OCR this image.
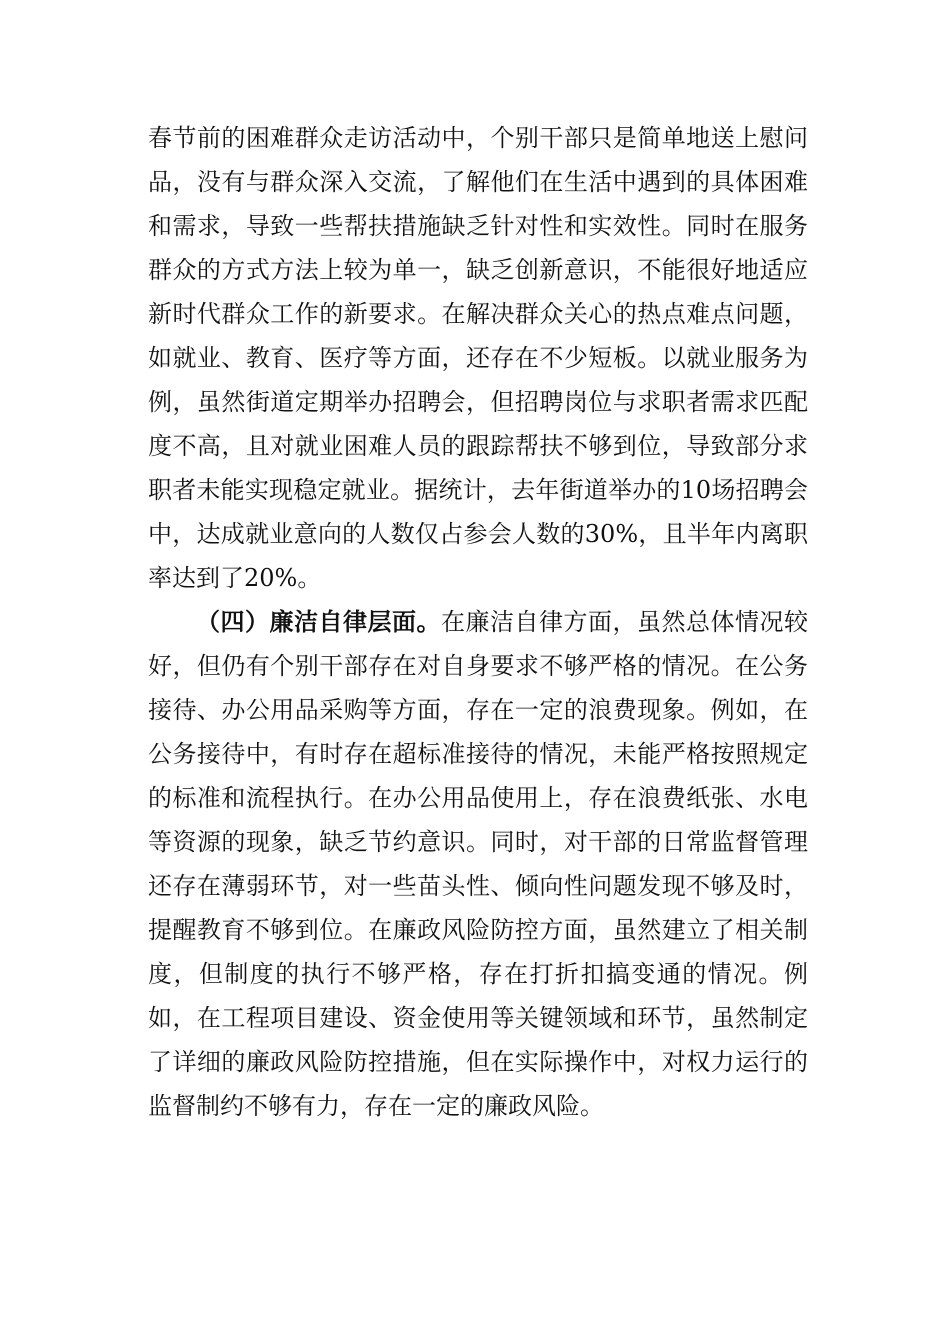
春节前的困难群众走访活动中，个别干部只是简单地送上慰问品，没有与群众深入交流，了解他们在生活中遇到的具体困难和需求，导致一些帮扶措施缺乏针对性和实效性。同时在服务群众的方式方法上较为单一，缺乏创新意识，不能很好地适应新时代群众工作的新要求。在解决群众关心的热点难点问题，如就业、教育、医疗等方面，还存在不少短板。以就业服务为例，虽然街道定期举办招聘会，但招聘岗位与求职者需求匹配度不高，且对就业困难人员的跟踪帮扶不够到位，导致部分求职者未能实现稳定就业。据统计，去年街道举办的10场招聘会中，达成就业意向的人数仅占参会人数的30%，且半年内离职率达到了20%。

（四）廉洁自律层面。在廉洁自律方面，虽然总体情况较好，但仍有个别干部存在对自身要求不够严格的情况。在公务接待、办公用品采购等方面，存在一定的浪费现象。例如，在公务接待中，有时存在超标准接待的情况，未能严格按照规定的标准和流程执行。在办公用品使用上，存在浪费纸张、水电等资源的现象，缺乏节约意识。同时，对干部的日常监督管理还存在薄弱环节，对一些苗头性、倾向性问题发现不够及时，提醒教育不够到位。在廉政风险防控方面，虽然建立了相关制度，但制度的执行不够严格，存在打折扣搞变通的情况。例如，在工程项目建设、资金使用等关键领域和环节，虽然制定了详细的廉政风险防控措施，但在实际操作中，对权力运行的监督制约不够有力，存在一定的廉政风险。
